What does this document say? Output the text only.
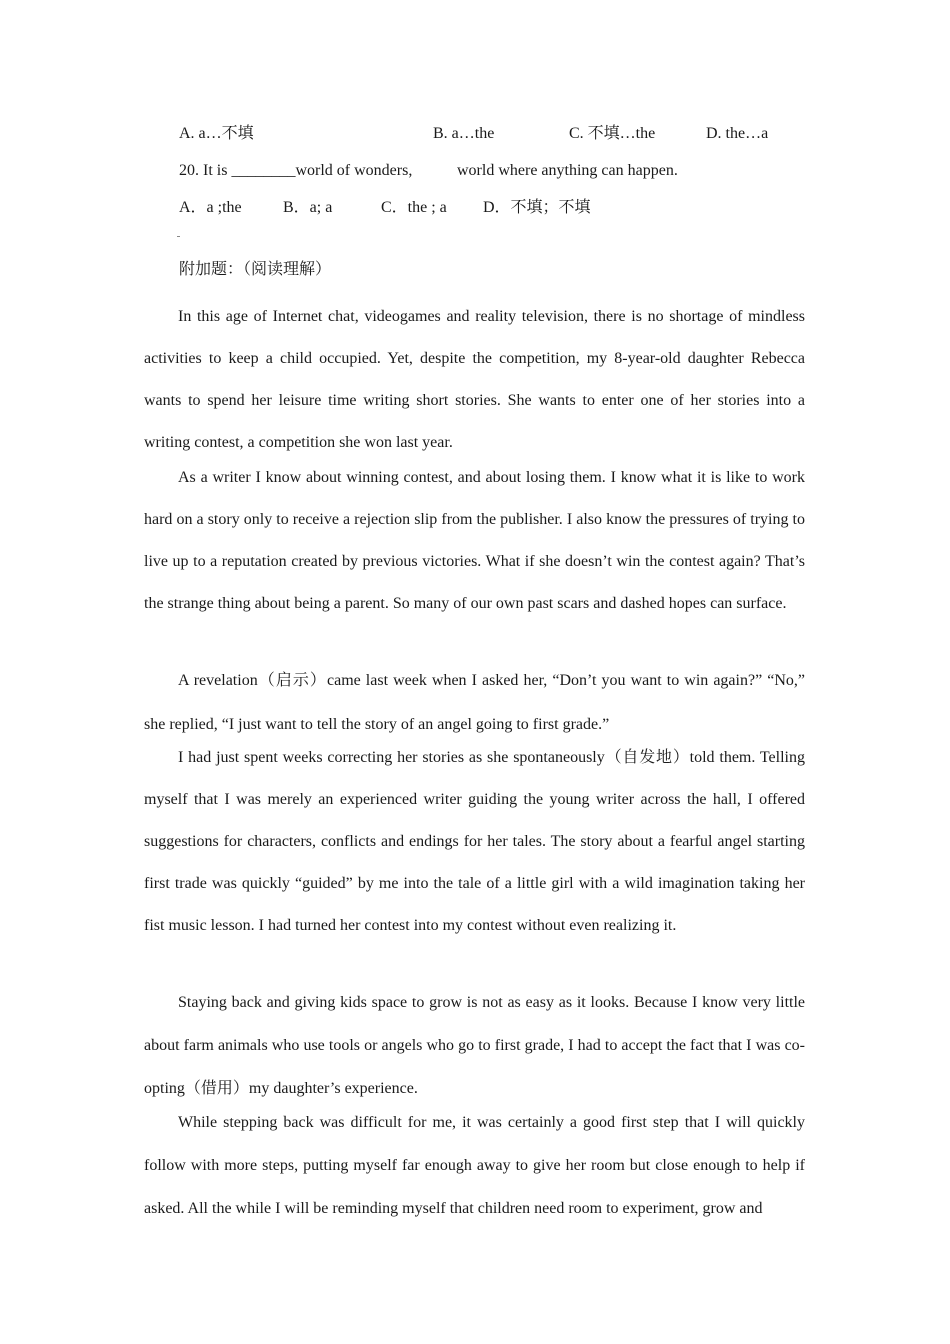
A. a…不填	B. a…the	C. 不填…the	D. the…a
20. It is ________world of wonders,	world where anything can happen.
A．a ;the	B．a; a	C．the ; a D．不填；不填
附加题：（阅读理解）

In this age of Internet chat, videogames and reality television, there is no shortage of mindless activities to keep a child occupied. Yet, despite the competition, my 8-year-old daughter Rebecca wants to spend her leisure time writing short stories. She wants to enter one of her stories into a writing contest, a competition she won last year.

As a writer I know about winning contest, and about losing them. I know what it is like to work hard on a story only to receive a rejection slip from the publisher. I also know the pressures of trying to live up to a reputation created by previous victories. What if she doesn’t win the contest again? That’s the strange thing about being a parent. So many of our own past scars and dashed hopes can surface.

A revelation（启示）came last week when I asked her, “Don’t you want to win again?” “No,” she replied, “I just want to tell the story of an angel going to first grade.”

I had just spent weeks correcting her stories as she spontaneously（自发地）told them. Telling myself that I was merely an experienced writer guiding the young writer across the hall, I offered suggestions for characters, conflicts and endings for her tales. The story about a fearful angel starting first trade was quickly “guided” by me into the tale of a little girl with a wild imagination taking her fist music lesson. I had turned her contest into my contest without even realizing it.

Staying back and giving kids space to grow is not as easy as it looks. Because I know very little about farm animals who use tools or angels who go to first grade, I had to accept the fact that I was co-opting（借用）my daughter’s experience.

While stepping back was difficult for me, it was certainly a good first step that I will quickly follow with more steps, putting myself far enough away to give her room but close enough to help if asked. All the while I will be reminding myself that children need room to experiment, grow and
